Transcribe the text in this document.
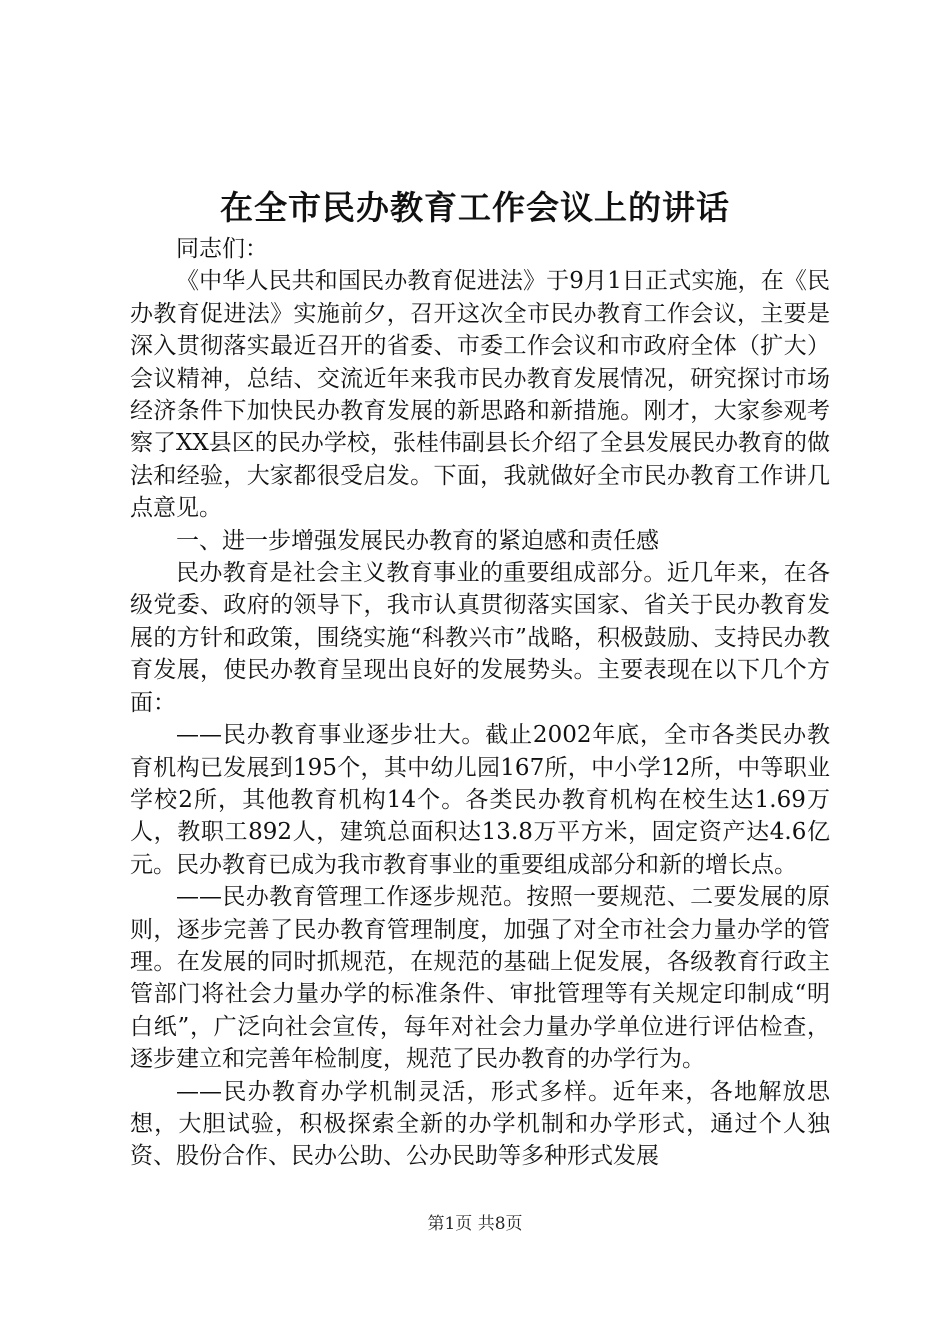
在全市民办教育工作会议上的讲话

同志们：

《中华人民共和国民办教育促进法》于9月1日正式实施，在《民办教育促进法》实施前夕，召开这次全市民办教育工作会议，主要是深入贯彻落实最近召开的省委、市委工作会议和市政府全体（扩大）会议精神，总结、交流近年来我市民办教育发展情况，研究探讨市场经济条件下加快民办教育发展的新思路和新措施。刚才，大家参观考察了XX县区的民办学校，张桂伟副县长介绍了全县发展民办教育的做法和经验，大家都很受启发。下面，我就做好全市民办教育工作讲几点意见。

一、进一步增强发展民办教育的紧迫感和责任感

民办教育是社会主义教育事业的重要组成部分。近几年来，在各级党委、政府的领导下，我市认真贯彻落实国家、省关于民办教育发展的方针和政策，围绕实施“科教兴市”战略，积极鼓励、支持民办教育发展，使民办教育呈现出良好的发展势头。主要表现在以下几个方面：

——民办教育事业逐步壮大。截止2002年底，全市各类民办教育机构已发展到195个，其中幼儿园167所，中小学12所，中等职业学校2所，其他教育机构14个。各类民办教育机构在校生达1.69万人，教职工892人，建筑总面积达13.8万平方米，固定资产达4.6亿元。民办教育已成为我市教育事业的重要组成部分和新的增长点。

——民办教育管理工作逐步规范。按照一要规范、二要发展的原则，逐步完善了民办教育管理制度，加强了对全市社会力量办学的管理。在发展的同时抓规范，在规范的基础上促发展，各级教育行政主管部门将社会力量办学的标准条件、审批管理等有关规定印制成“明白纸”，广泛向社会宣传，每年对社会力量办学单位进行评估检查，逐步建立和完善年检制度，规范了民办教育的办学行为。

——民办教育办学机制灵活，形式多样。近年来，各地解放思想，大胆试验，积极探索全新的办学机制和办学形式，通过个人独资、股份合作、民办公助、公办民助等多种形式发展

第1页 共8页
